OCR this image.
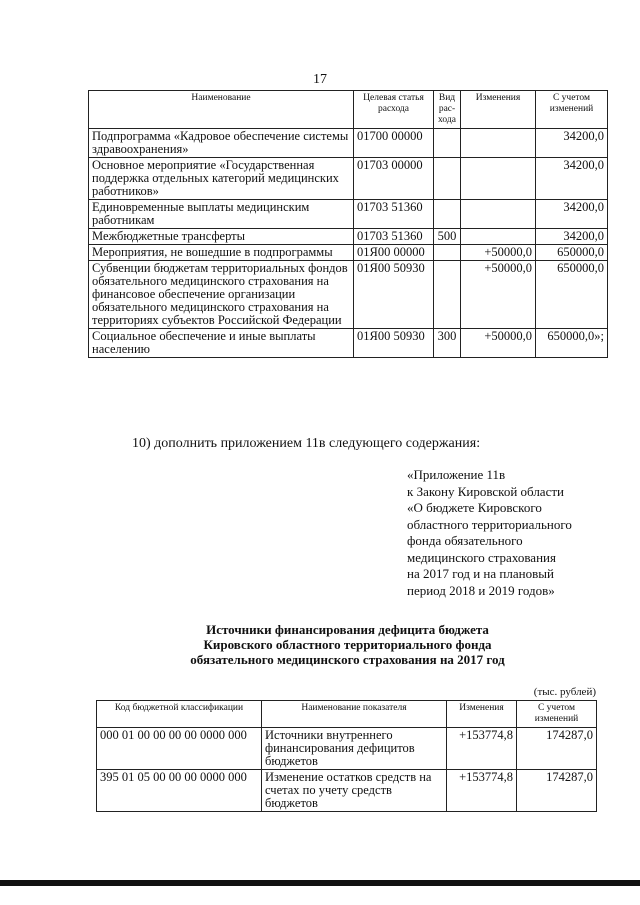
17
Наименование	Целевая статья расхода	Вид рас-хода	Изменения	С учетом изменений
Подпрограмма «Кадровое обеспечение системы здравоохранения»	01700 00000			34200,0
Основное мероприятие «Государственная поддержка отдельных категорий медицинских работников»	01703 00000			34200,0
Единовременные выплаты медицинским работникам	01703 51360			34200,0
Межбюджетные трансферты	01703 51360	500		34200,0
Мероприятия, не вошедшие в подпрограммы	01Я00 00000		+50000,0	650000,0
Субвенции бюджетам территориальных фондов обязательного медицинского страхования на финансовое обеспечение организации обязательного медицинского страхования на территориях субъектов Российской Федерации	01Я00 50930		+50000,0	650000,0
Социальное обеспечение и иные выплаты населению	01Я00 50930	300	+50000,0	650000,0»;
10) дополнить приложением 11в следующего содержания:
«Приложение 11в
к Закону Кировской области
«О бюджете Кировского
областного территориального
фонда обязательного
медицинского страхования
на 2017 год и на плановый
период 2018 и 2019 годов»
Источники финансирования дефицита бюджета
Кировского областного территориального фонда
обязательного медицинского страхования на 2017 год
(тыс. рублей)
Код бюджетной классификации	Наименование показателя	Изменения	С учетом изменений
000 01 00 00 00 00 0000 000	Источники внутреннего финансирования дефицитов бюджетов	+153774,8	174287,0
395 01 05 00 00 00 0000 000	Изменение остатков средств на счетах по учету средств бюджетов	+153774,8	174287,0
